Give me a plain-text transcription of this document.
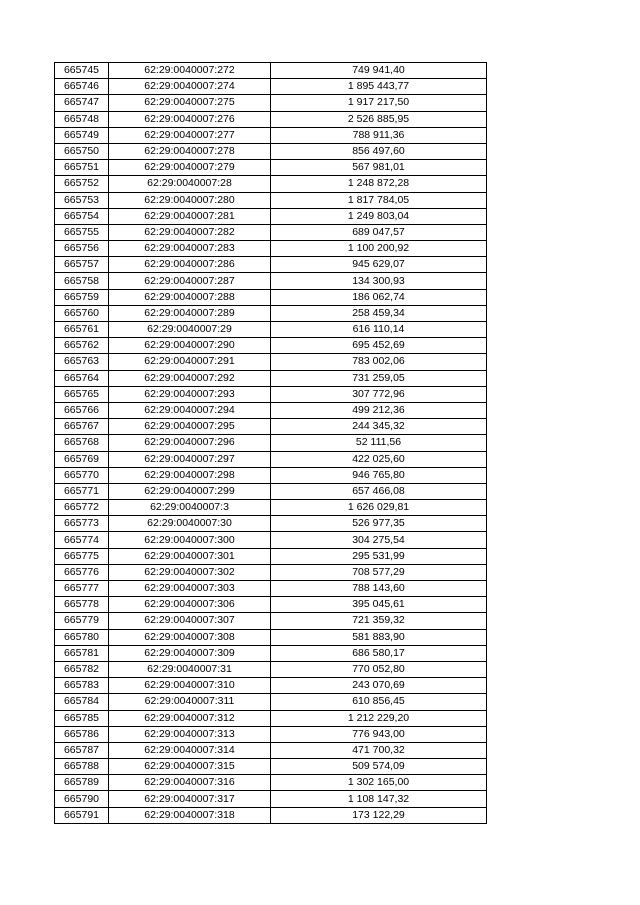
665745	62:29:0040007:272	749 941,40
665746	62:29:0040007:274	1 895 443,77
665747	62:29:0040007:275	1 917 217,50
665748	62:29:0040007:276	2 526 885,95
665749	62:29:0040007:277	788 911,36
665750	62:29:0040007:278	856 497,60
665751	62:29:0040007:279	567 981,01
665752	62:29:0040007:28	1 248 872,28
665753	62:29:0040007:280	1 817 784,05
665754	62:29:0040007:281	1 249 803,04
665755	62:29:0040007:282	689 047,57
665756	62:29:0040007:283	1 100 200,92
665757	62:29:0040007:286	945 629,07
665758	62:29:0040007:287	134 300,93
665759	62:29:0040007:288	186 062,74
665760	62:29:0040007:289	258 459,34
665761	62:29:0040007:29	616 110,14
665762	62:29:0040007:290	695 452,69
665763	62:29:0040007:291	783 002,06
665764	62:29:0040007:292	731 259,05
665765	62:29:0040007:293	307 772,96
665766	62:29:0040007:294	499 212,36
665767	62:29:0040007:295	244 345,32
665768	62:29:0040007:296	52 111,56
665769	62:29:0040007:297	422 025,60
665770	62:29:0040007:298	946 765,80
665771	62:29:0040007:299	657 466,08
665772	62:29:0040007:3	1 626 029,81
665773	62:29:0040007:30	526 977,35
665774	62:29:0040007:300	304 275,54
665775	62:29:0040007:301	295 531,99
665776	62:29:0040007:302	708 577,29
665777	62:29:0040007:303	788 143,60
665778	62:29:0040007:306	395 045,61
665779	62:29:0040007:307	721 359,32
665780	62:29:0040007:308	581 883,90
665781	62:29:0040007:309	686 580,17
665782	62:29:0040007:31	770 052,80
665783	62:29:0040007:310	243 070,69
665784	62:29:0040007:311	610 856,45
665785	62:29:0040007:312	1 212 229,20
665786	62:29:0040007:313	776 943,00
665787	62:29:0040007:314	471 700,32
665788	62:29:0040007:315	509 574,09
665789	62:29:0040007:316	1 302 165,00
665790	62:29:0040007:317	1 108 147,32
665791	62:29:0040007:318	173 122,29
